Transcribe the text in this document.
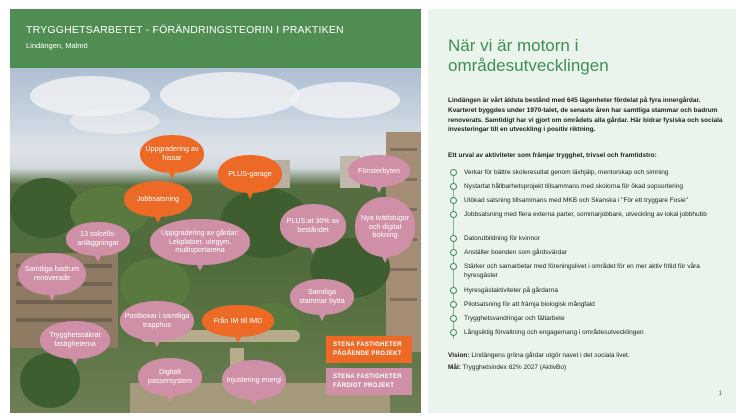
TRYGGHETSARBETET - FÖRÄNDRINGSTEORIN I PRAKTIKEN
Lindängen, Malmö
Uppgradering av hissar
PLUS-garage	Fönsterbyten
Jobbsatsning
13 solcells-anläggningar
Uppgradering av gårdar: Lekplatser, utegym, multisportarena
PLUS:at 30% av beståndet
Nya tvättstugor och digital bokning
Samtliga badrum renoverade
Samtliga stammar bytta
Postboxar i samtliga trapphus	Från IM till IMD
Trygghetssäkrat fastigheterna
Digitalt passersystem	Injustering energi
STENA FASTIGHETER
PÅGÅENDE PROJEKT
STENA FASTIGHETER
FÄRDIGT PROJEKT
När vi är motorn i områdesutvecklingen
Lindängen är vårt äldsta bestånd med 645 lägenheter fördelat på fyra innergårdar. Kvarteret byggdes under 1970-talet, de senaste åren har samtliga stammar och badrum renoverats. Samtidigt har vi gjort om områdets alla gårdar. Här bidrar fysiska och sociala investeringar till en utveckling i positiv riktning.
Ett urval av aktiviteter som främjar trygghet, trivsel och framtidstro:
Verkar för bättre skoleresultat genom läxhjälp, mentorskap och simning
Nystartat hållbarhetsprojekt tillsammans med skolorna för ökad sopsortering
Utökad satsning tillsammans med MKB och Skanska i "För ett tryggare Fosie"
Jobbsatsning med flera externa parter, sommarjobbare, utveckling av lokal jobbhubb
Datorutbildning för kvinnor
Anställer boenden som gårdsvärdar
Stärker och samarbetar med föreningslivet i området för en mer aktiv fritid för våra hyresgäster
Hyresgästaktiviteter på gårdarna
Pilotsatsning för att främja biologisk mångfald
Trygghetsvandringar och fältarbete
Långsiktig förvaltning och engagemang i områdesutvecklingen
Vision: Lindängens gröna gårdar utgör navet i det sociala livet.
Mål: Trygghetsindex 82% 2027 (AktivBo)
1
